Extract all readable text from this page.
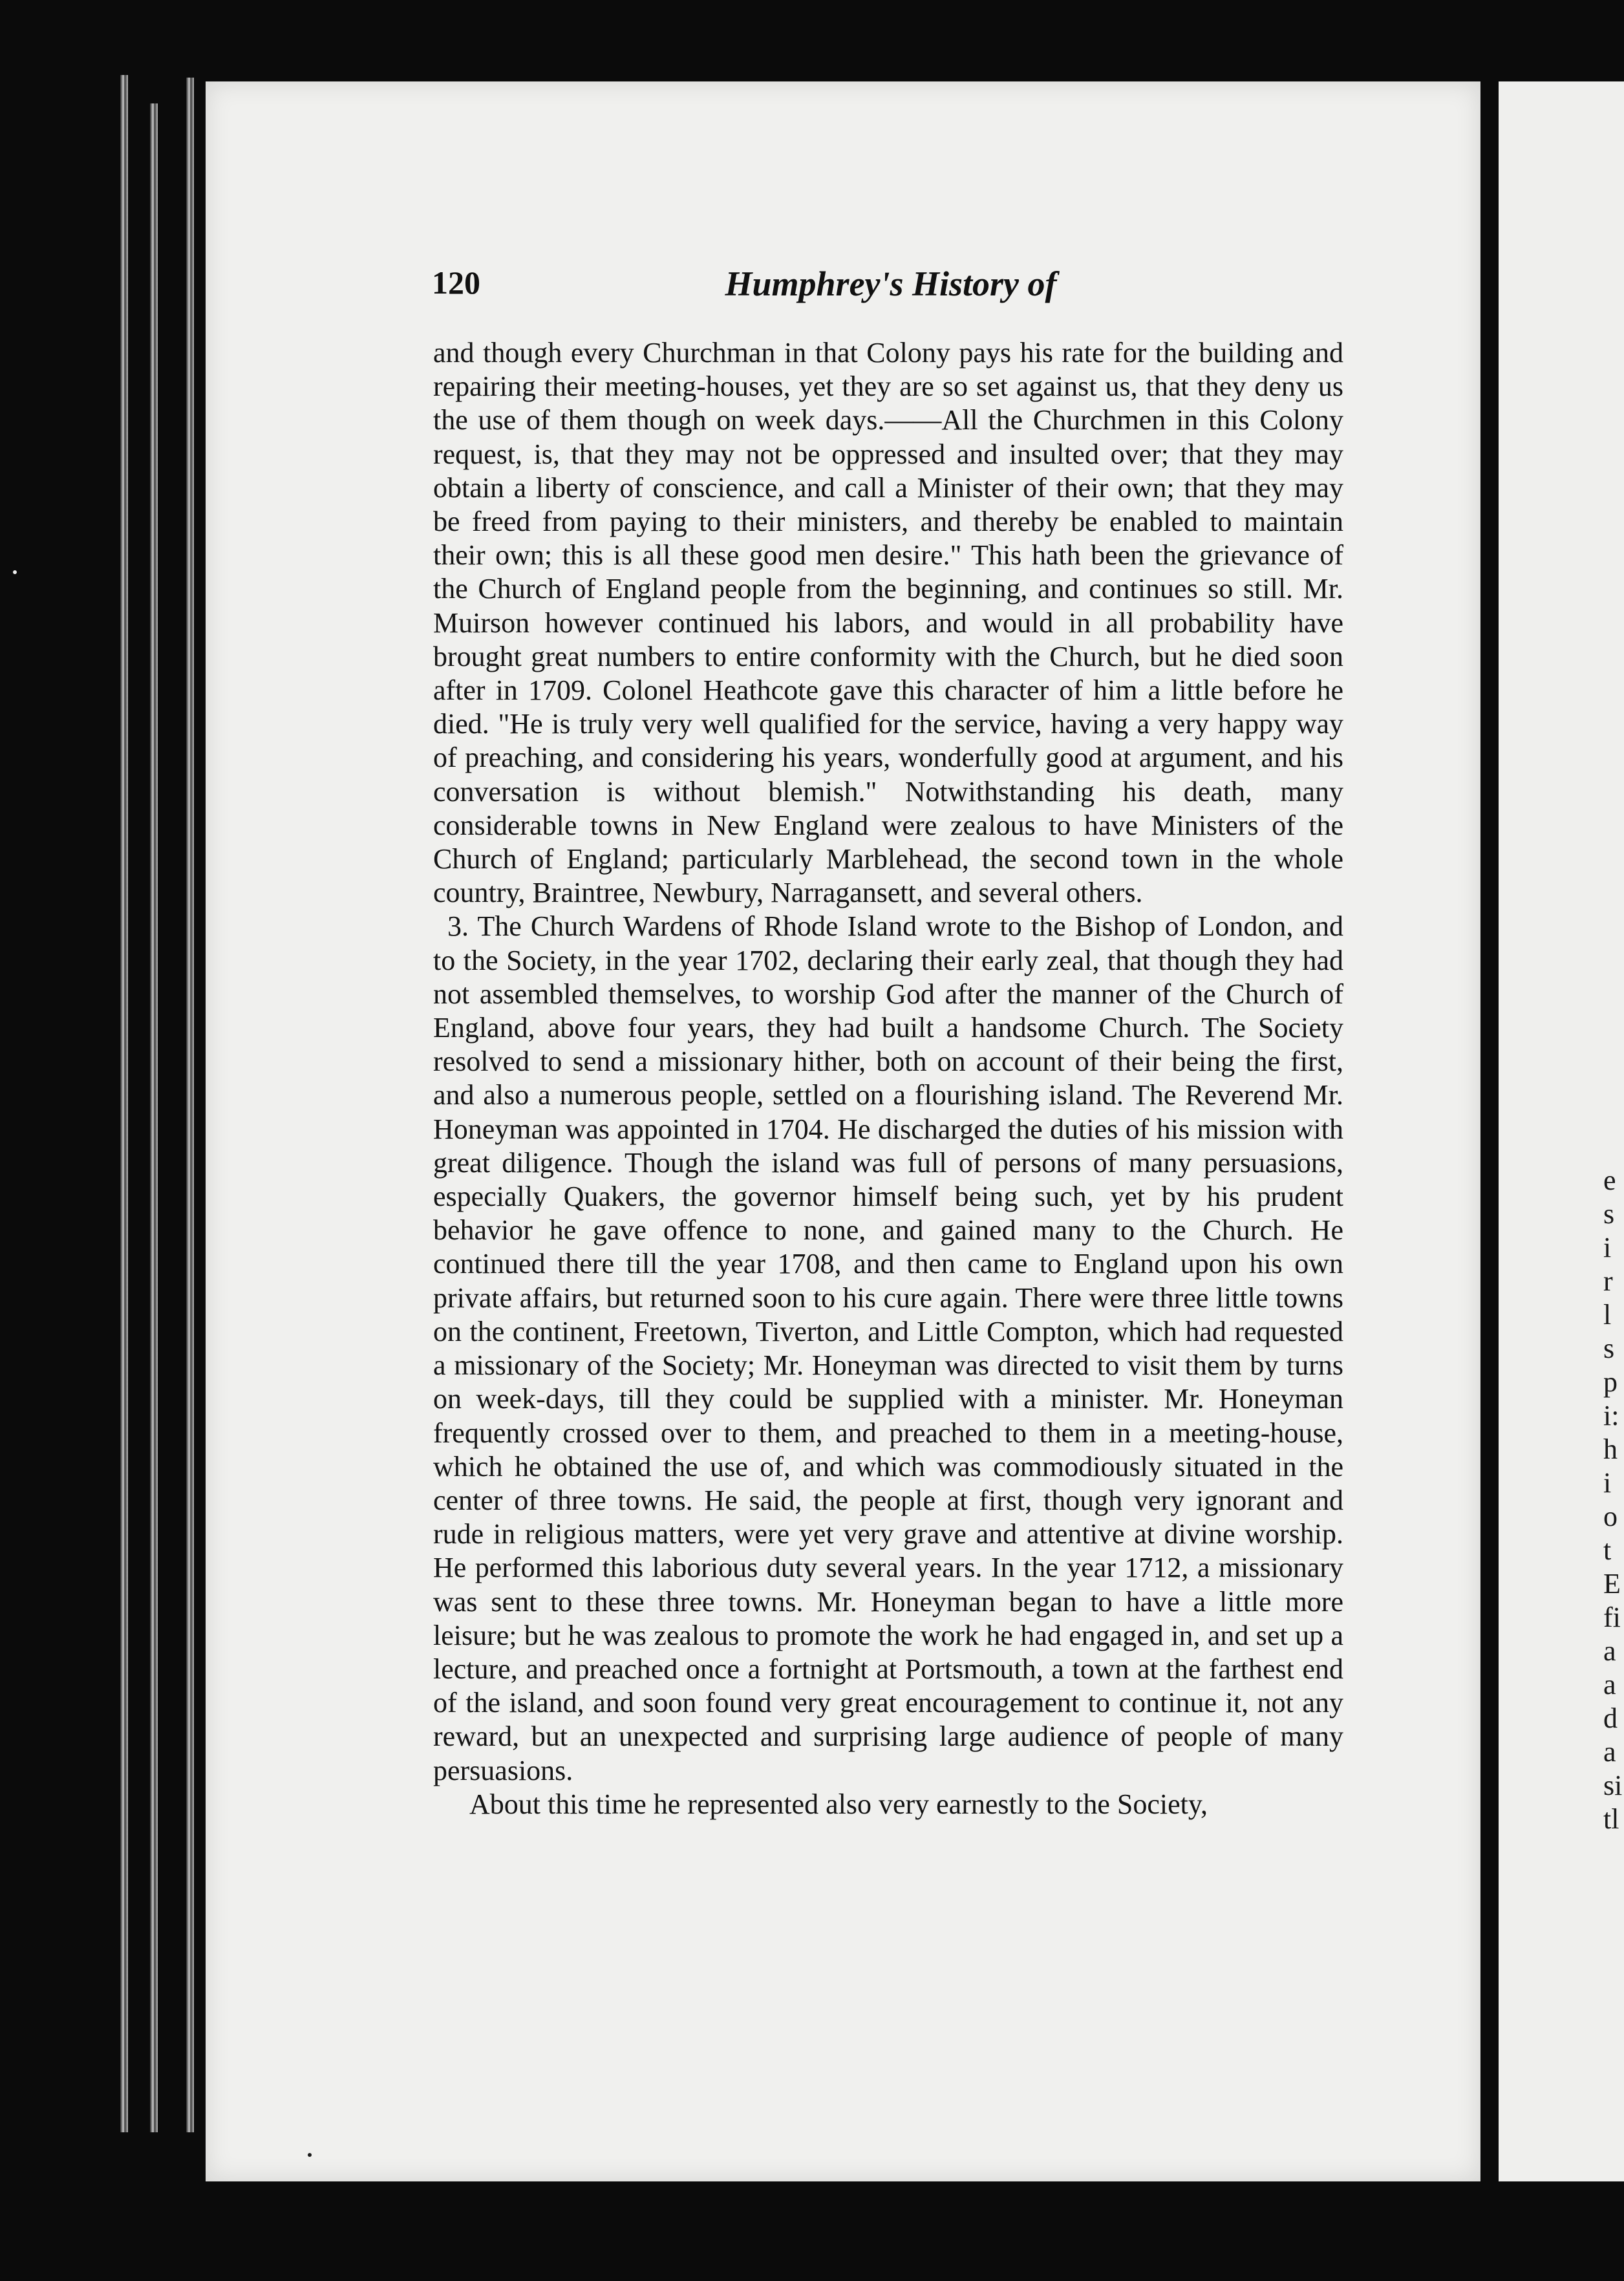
e s i r l s p i: h i o t E fi a a d a si tl
120	Humphrey's History of

and though every Churchman in that Colony pays his rate for the building and repairing their meeting-houses, yet they are so set against us, that they deny us the use of them though on week days.——All the Churchmen in this Colony request, is, that they may not be oppressed and insulted over; that they may obtain a liberty of conscience, and call a Minister of their own; that they may be freed from paying to their ministers, and thereby be enabled to maintain their own; this is all these good men desire." This hath been the grievance of the Church of England people from the beginning, and continues so still. Mr. Muirson however continued his labors, and would in all probability have brought great numbers to entire conformity with the Church, but he died soon after in 1709. Colonel Heathcote gave this character of him a little before he died. "He is truly very well qualified for the service, having a very happy way of preaching, and considering his years, wonderfully good at argument, and his conversation is without blemish." Notwithstanding his death, many considerable towns in New England were zealous to have Ministers of the Church of England; particularly Marblehead, the second town in the whole country, Braintree, Newbury, Narragansett, and several others.

3. The Church Wardens of Rhode Island wrote to the Bishop of London, and to the Society, in the year 1702, declaring their early zeal, that though they had not assembled themselves, to worship God after the manner of the Church of England, above four years, they had built a handsome Church. The Society resolved to send a missionary hither, both on account of their being the first, and also a numerous people, settled on a flourishing island. The Reverend Mr. Honeyman was appointed in 1704. He discharged the duties of his mission with great diligence. Though the island was full of persons of many persuasions, especially Quakers, the governor himself being such, yet by his prudent behavior he gave offence to none, and gained many to the Church. He continued there till the year 1708, and then came to England upon his own private affairs, but returned soon to his cure again. There were three little towns on the continent, Freetown, Tiverton, and Little Compton, which had requested a missionary of the Society; Mr. Honeyman was directed to visit them by turns on week-days, till they could be supplied with a minister. Mr. Honeyman frequently crossed over to them, and preached to them in a meeting-house, which he obtained the use of, and which was commodiously situated in the center of three towns. He said, the people at first, though very ignorant and rude in religious matters, were yet very grave and attentive at divine worship. He performed this laborious duty several years. In the year 1712, a missionary was sent to these three towns. Mr. Honeyman began to have a little more leisure; but he was zealous to promote the work he had engaged in, and set up a lecture, and preached once a fortnight at Portsmouth, a town at the farthest end of the island, and soon found very great encouragement to continue it, not any reward, but an unexpected and surprising large audience of people of many persuasions.

About this time he represented also very earnestly to the Society,
